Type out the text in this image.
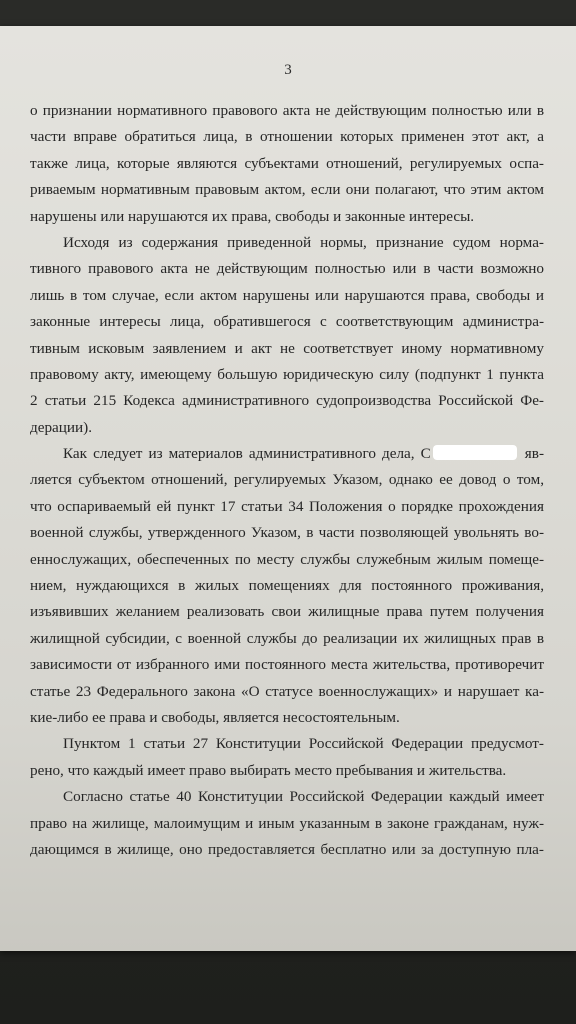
3
о признании нормативного правового акта не действующим полностью или в
части вправе обратиться лица, в отношении которых применен этот акт, а
также лица, которые являются субъектами отношений, регулируемых оспа-
риваемым нормативным правовым актом, если они полагают, что этим актом
нарушены или нарушаются их права, свободы и законные интересы.
Исходя из содержания приведенной нормы, признание судом норма-
тивного правового акта не действующим полностью или в части возможно
лишь в том случае, если актом нарушены или нарушаются права, свободы и
законные интересы лица, обратившегося с соответствующим администра-
тивным исковым заявлением и акт не соответствует иному нормативному
правовому акту, имеющему большую юридическую силу (подпункт 1 пункта
2 статьи 215 Кодекса административного судопроизводства Российской Фе-
дерации).
Как следует из материалов административного дела, С	яв-
ляется субъектом отношений, регулируемых Указом, однако ее довод о том,
что оспариваемый ей пункт 17 статьи 34 Положения о порядке прохождения
военной службы, утвержденного Указом, в части позволяющей увольнять во-
еннослужащих, обеспеченных по месту службы служебным жилым помеще-
нием, нуждающихся в жилых помещениях для постоянного проживания,
изъявивших желанием реализовать свои жилищные права путем получения
жилищной субсидии, с военной службы до реализации их жилищных прав в
зависимости от избранного ими постоянного места жительства, противоречит
статье 23 Федерального закона «О статусе военнослужащих» и нарушает ка-
кие-либо ее права и свободы, является несостоятельным.
Пунктом 1 статьи 27 Конституции Российской Федерации предусмот-
рено, что каждый имеет право выбирать место пребывания и жительства.
Согласно статье 40 Конституции Российской Федерации каждый имеет
право на жилище, малоимущим и иным указанным в законе гражданам, нуж-
дающимся в жилище, оно предоставляется бесплатно или за доступную пла-
